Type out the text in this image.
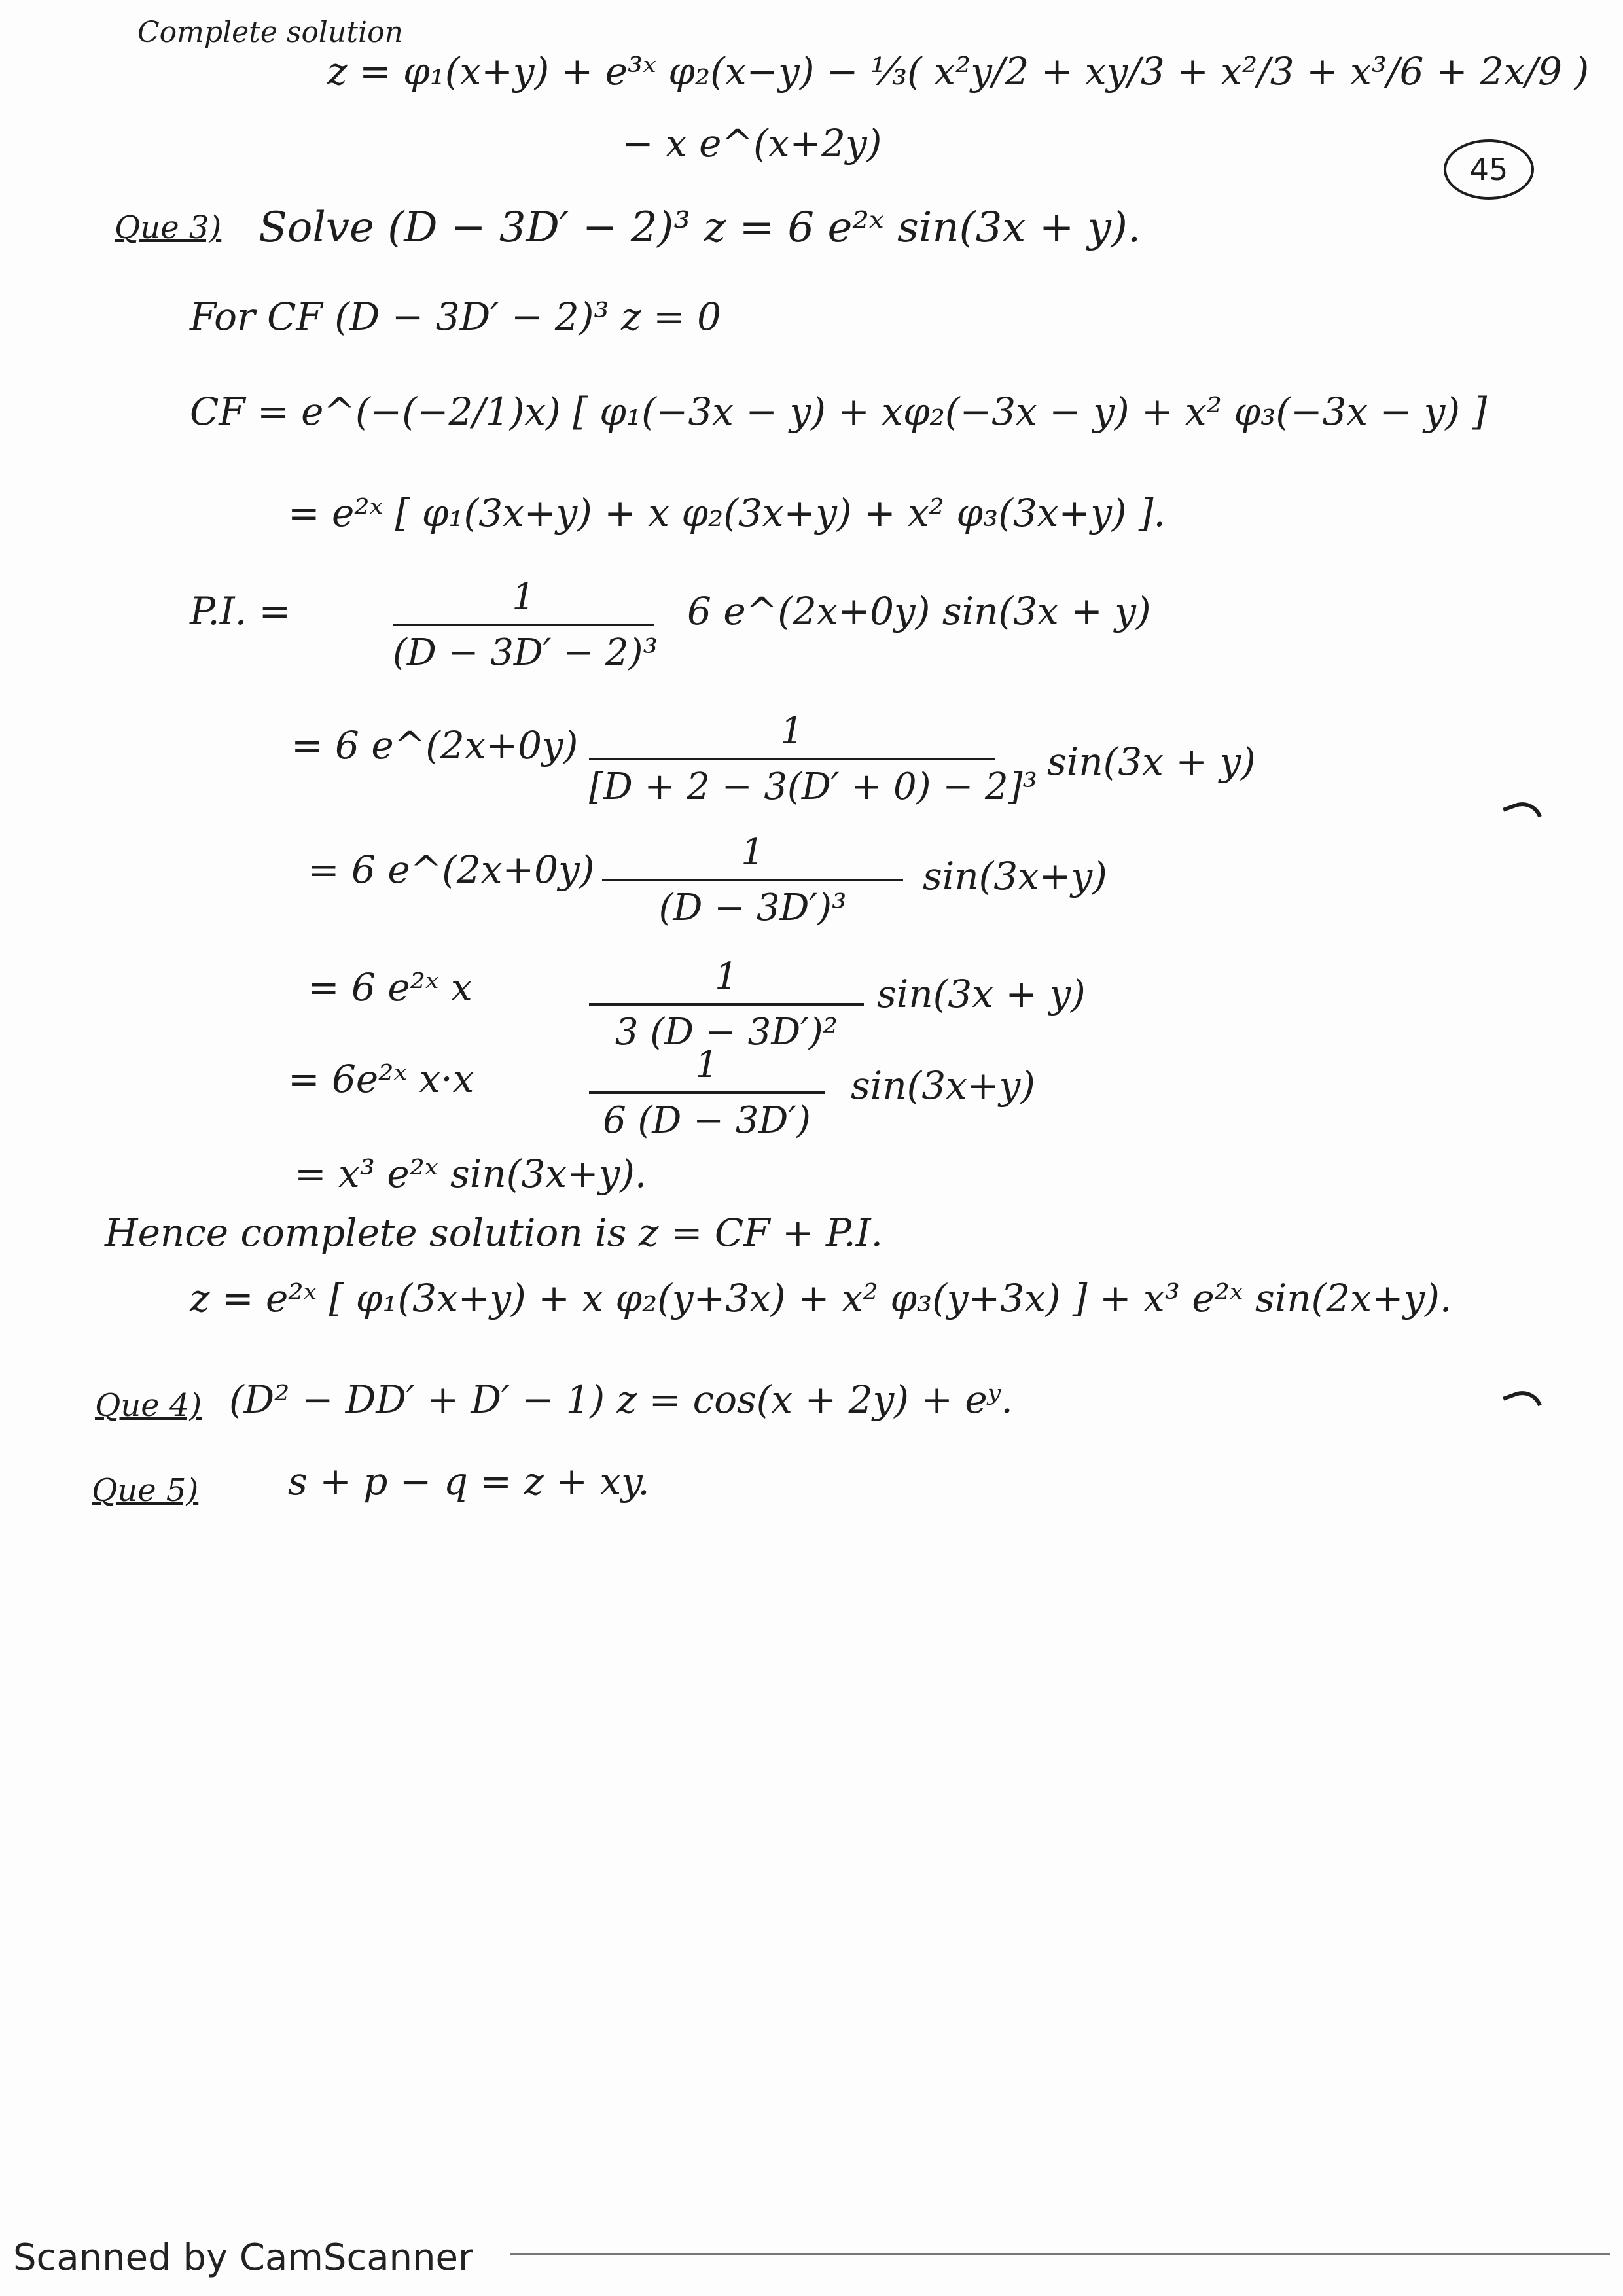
Complete solution
z = φ₁(x+y) + e³ˣ φ₂(x−y) − ⅓( x²y/2 + xy/3 + x²/3 + x³/6 + 2x/9 )
− x e^(x+2y)
45
Que 3) Solve (D − 3D′ − 2)³ z = 6 e²ˣ sin(3x + y).
For CF (D − 3D′ − 2)³ z = 0
CF = e^(−(−2/1)x) [ φ₁(−3x − y) + xφ₂(−3x − y) + x² φ₃(−3x − y) ]
= e²ˣ [ φ₁(3x+y) + x φ₂(3x+y) + x² φ₃(3x+y) ].
P.I. =	1
(D − 3D′ − 2)³
6 e^(2x+0y) sin(3x + y)
= 6 e^(2x+0y)	1
[D + 2 − 3(D′ + 0) − 2]³
sin(3x + y)
= 6 e^(2x+0y)	1
(D − 3D′)³
sin(3x+y)
= 6 e²ˣ x	1
3 (D − 3D′)²
sin(3x + y)
= 6e²ˣ x·x	1
6 (D − 3D′)
sin(3x+y)
= x³ e²ˣ sin(3x+y).
Hence complete solution is z = CF + P.I.
z = e²ˣ [ φ₁(3x+y) + x φ₂(y+3x) + x² φ₃(y+3x) ] + x³ e²ˣ sin(2x+y).
Que 4) (D² − DD′ + D′ − 1) z = cos(x + 2y) + eʸ.
Que 5) s + p − q = z + xy.
Scanned by CamScanner
